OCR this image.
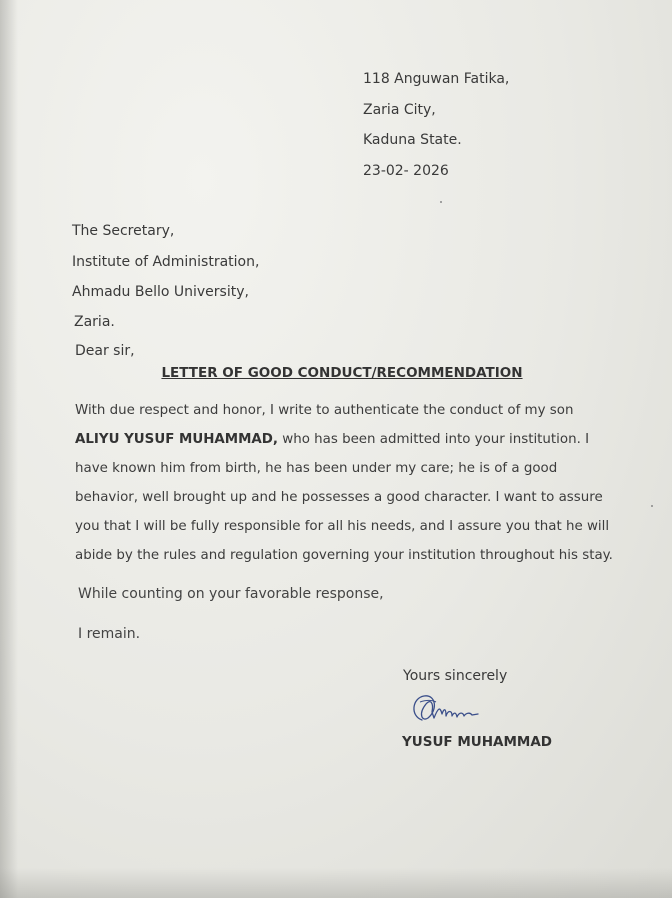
118 Anguwan Fatika,
Zaria City,
Kaduna State.
23-02- 2026
The Secretary,
Institute of Administration,
Ahmadu Bello University,
Zaria.
Dear sir,
LETTER OF GOOD CONDUCT/RECOMMENDATION
With due respect and honor, I write to authenticate the conduct of my son ALIYU YUSUF MUHAMMAD, who has been admitted into your institution. I have known him from birth, he has been under my care; he is of a good behavior, well brought up and he possesses a good character. I want to assure you that I will be fully responsible for all his needs, and I assure you that he will abide by the rules and regulation governing your institution throughout his stay.
While counting on your favorable response,
I remain.
Yours sincerely
YUSUF MUHAMMAD
